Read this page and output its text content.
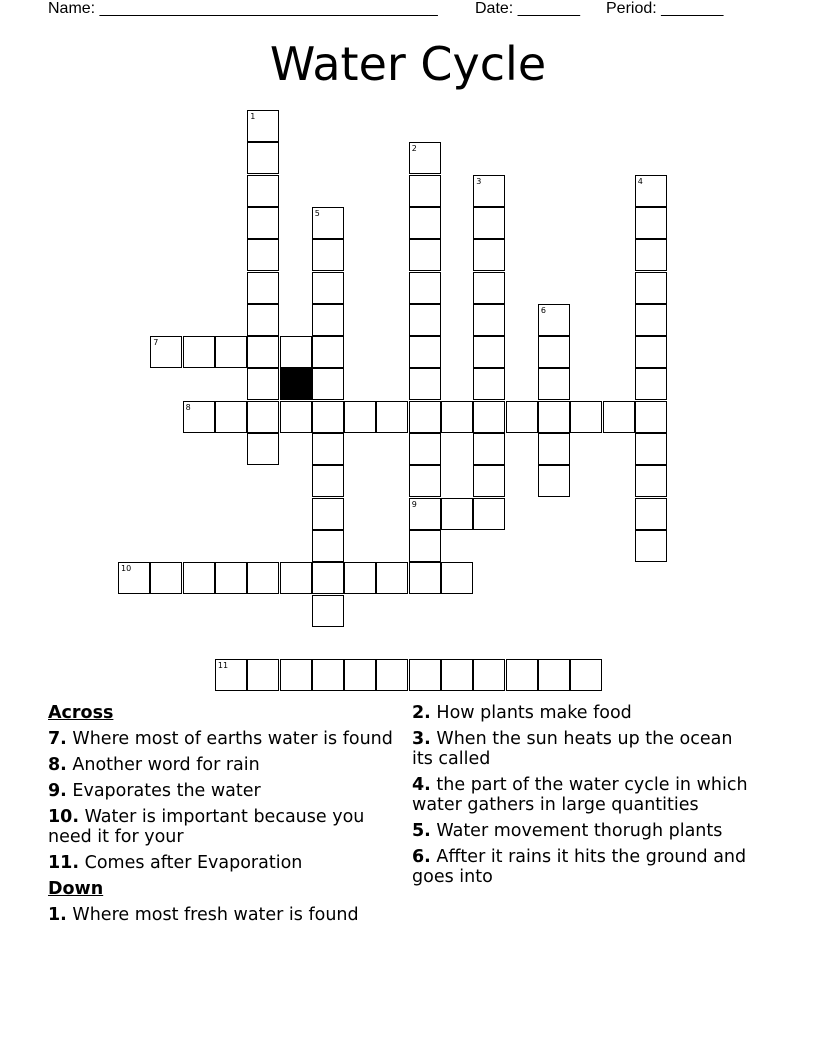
Name: ______________________________________ Date: _______ Period: _______
Water Cycle
1
2
9
3	4
5
6
7
8
10
11
Across
7. Where most of earths water is found
8. Another word for rain
9. Evaporates the water
10. Water is important because you need it for your
11. Comes after Evaporation
Down
1. Where most fresh water is found
2. How plants make food
3. When the sun heats up the ocean its called
4. the part of the water cycle in which water gathers in large quantities
5. Water movement thorugh plants
6. Affter it rains it hits the ground and goes into
